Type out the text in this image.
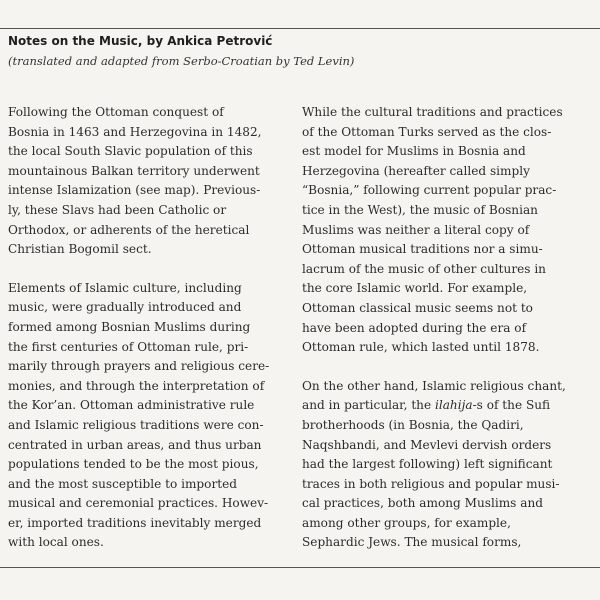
Notes on the Music, by Ankica Petrović
(translated and adapted from Serbo-Croatian by Ted Levin)

Following the Ottoman conquest of
Bosnia in 1463 and Herzegovina in 1482,
the local South Slavic population of this
mountainous Balkan territory underwent
intense Islamization (see map). Previous-
ly, these Slavs had been Catholic or
Orthodox, or adherents of the heretical
Christian Bogomil sect.

Elements of Islamic culture, including
music, were gradually introduced and
formed among Bosnian Muslims during
the first centuries of Ottoman rule, pri-
marily through prayers and religious cere-
monies, and through the interpretation of
the Kor’an. Ottoman administrative rule
and Islamic religious traditions were con-
centrated in urban areas, and thus urban
populations tended to be the most pious,
and the most susceptible to imported
musical and ceremonial practices. Howev-
er, imported traditions inevitably merged
with local ones.

While the cultural traditions and practices
of the Ottoman Turks served as the clos-
est model for Muslims in Bosnia and
Herzegovina (hereafter called simply
“Bosnia,” following current popular prac-
tice in the West), the music of Bosnian
Muslims was neither a literal copy of
Ottoman musical traditions nor a simu-
lacrum of the music of other cultures in
the core Islamic world. For example,
Ottoman classical music seems not to
have been adopted during the era of
Ottoman rule, which lasted until 1878.

On the other hand, Islamic religious chant,
and in particular, the ilahija-s of the Sufi
brotherhoods (in Bosnia, the Qadiri,
Naqshbandi, and Mevlevi dervish orders
had the largest following) left significant
traces in both religious and popular musi-
cal practices, both among Muslims and
among other groups, for example,
Sephardic Jews. The musical forms,
